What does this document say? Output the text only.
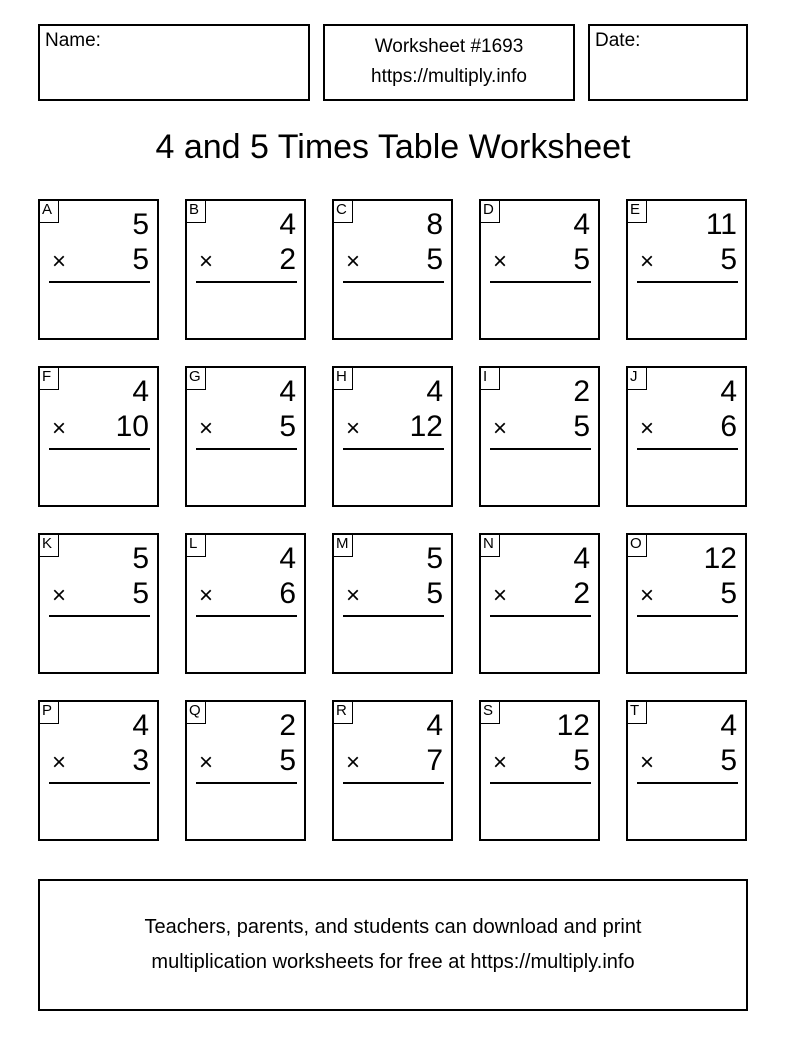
Name:	Worksheet #1693
https://multiply.info
Date:
4 and 5 Times Table Worksheet
A	5
× 5
B	4
× 2
C	8
× 5
D	4
× 5
E 11
× 5
F	4
× 10
G	4
× 5
H	4
× 12
I	2
× 5
J	4
× 6
K	5
× 5
L	4
× 6
M	5
× 5
N	4
× 2
O 12
× 5
P	4
× 3
Q	2
× 5
R	4
× 7
S 12
× 5
T	4
× 5
Teachers, parents, and students can download and print
multiplication worksheets for free at https://multiply.info
